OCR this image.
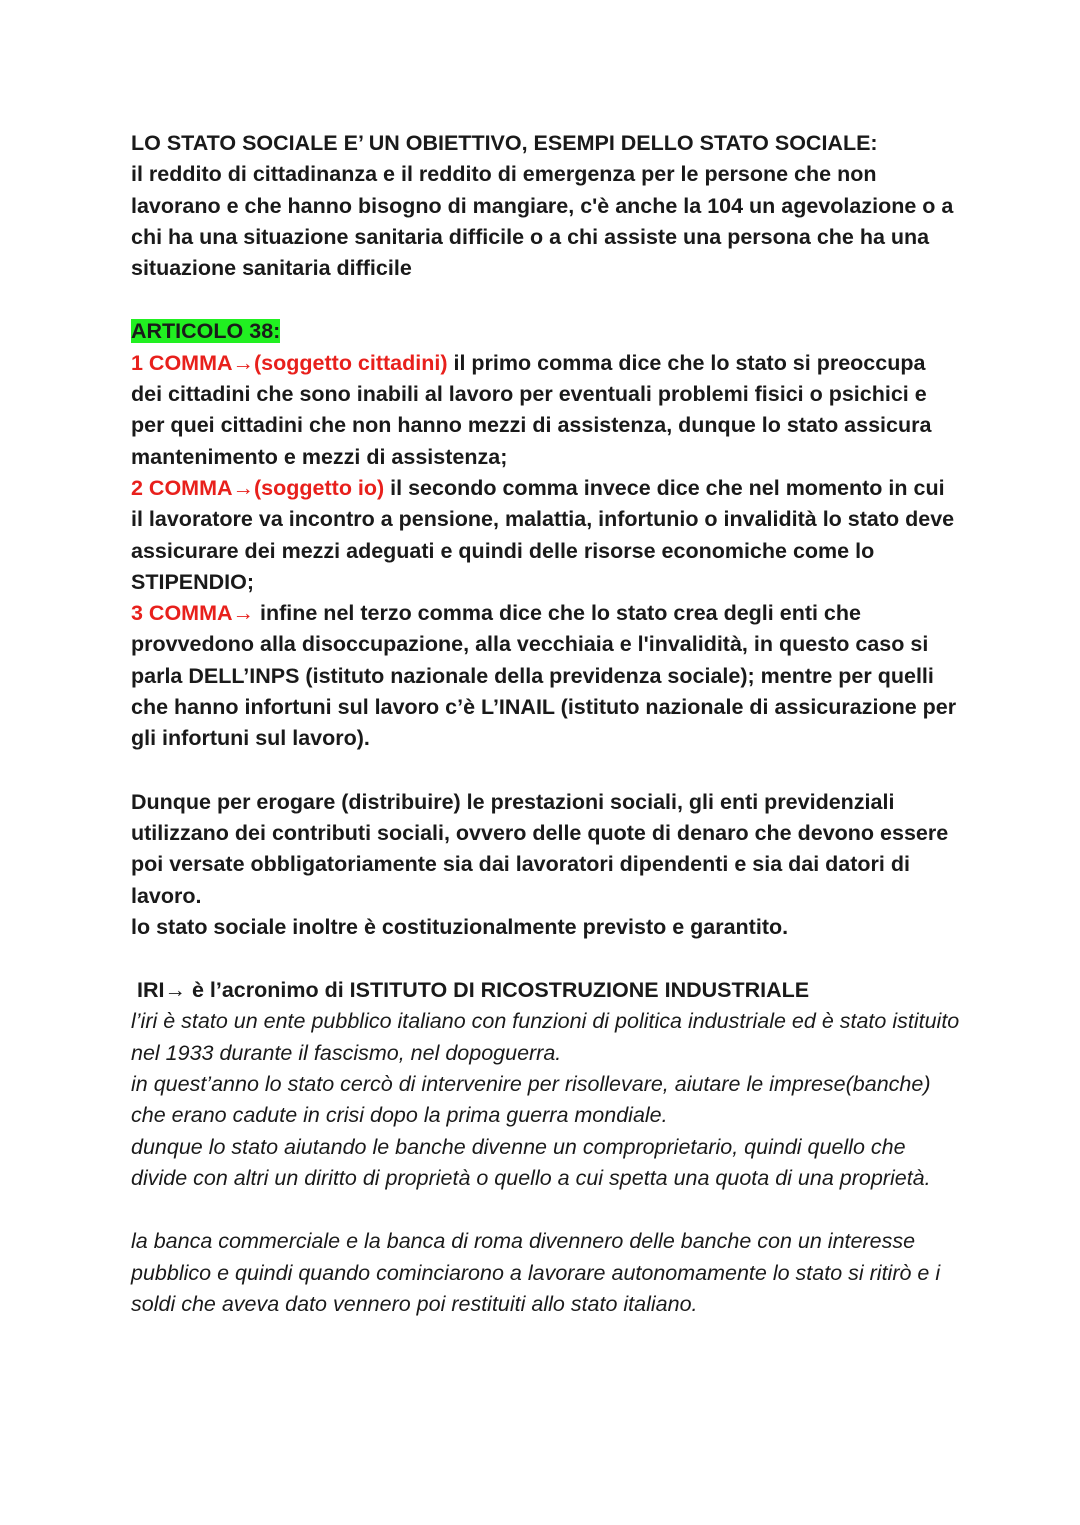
LO STATO SOCIALE E’ UN OBIETTIVO, ESEMPI DELLO STATO SOCIALE:

il reddito di cittadinanza e il reddito di emergenza per le persone che non lavorano e che hanno bisogno di mangiare, c'è anche la 104 un agevolazione o a chi ha una situazione sanitaria difficile o a chi assiste una persona che ha una situazione sanitaria difficile

ARTICOLO 38:

1 COMMA→(soggetto cittadini) il primo comma dice che lo stato si preoccupa dei cittadini che sono inabili al lavoro per eventuali problemi fisici o psichici e per quei cittadini che non hanno mezzi di assistenza, dunque lo stato assicura mantenimento e mezzi di assistenza;

2 COMMA→(soggetto io) il secondo comma invece dice che nel momento in cui il lavoratore va incontro a pensione, malattia, infortunio o invalidità lo stato deve assicurare dei mezzi adeguati e quindi delle risorse economiche come lo STIPENDIO;

3 COMMA→ infine nel terzo comma dice che lo stato crea degli enti che provvedono alla disoccupazione, alla vecchiaia e l'invalidità, in questo caso si parla DELL’INPS (istituto nazionale della previdenza sociale); mentre per quelli che hanno infortuni sul lavoro c’è L’INAIL (istituto nazionale di assicurazione per gli infortuni sul lavoro).

Dunque per erogare (distribuire) le prestazioni sociali, gli enti previdenziali utilizzano dei contributi sociali, ovvero delle quote di denaro che devono essere poi versate obbligatoriamente sia dai lavoratori dipendenti e sia dai datori di lavoro.

lo stato sociale inoltre è costituzionalmente previsto e garantito.

IRI→ è l’acronimo di ISTITUTO DI RICOSTRUZIONE INDUSTRIALE

l’iri è stato un ente pubblico italiano con funzioni di politica industriale ed è stato istituito nel 1933 durante il fascismo, nel dopoguerra.

in quest’anno lo stato cercò di intervenire per risollevare, aiutare le imprese(banche) che erano cadute in crisi dopo la prima guerra mondiale.

dunque lo stato aiutando le banche divenne un comproprietario, quindi quello che divide con altri un diritto di proprietà o quello a cui spetta una quota di una proprietà.

la banca commerciale e la banca di roma divennero delle banche con un interesse pubblico e quindi quando cominciarono a lavorare autonomamente lo stato si ritirò e i soldi che aveva dato vennero poi restituiti allo stato italiano.
